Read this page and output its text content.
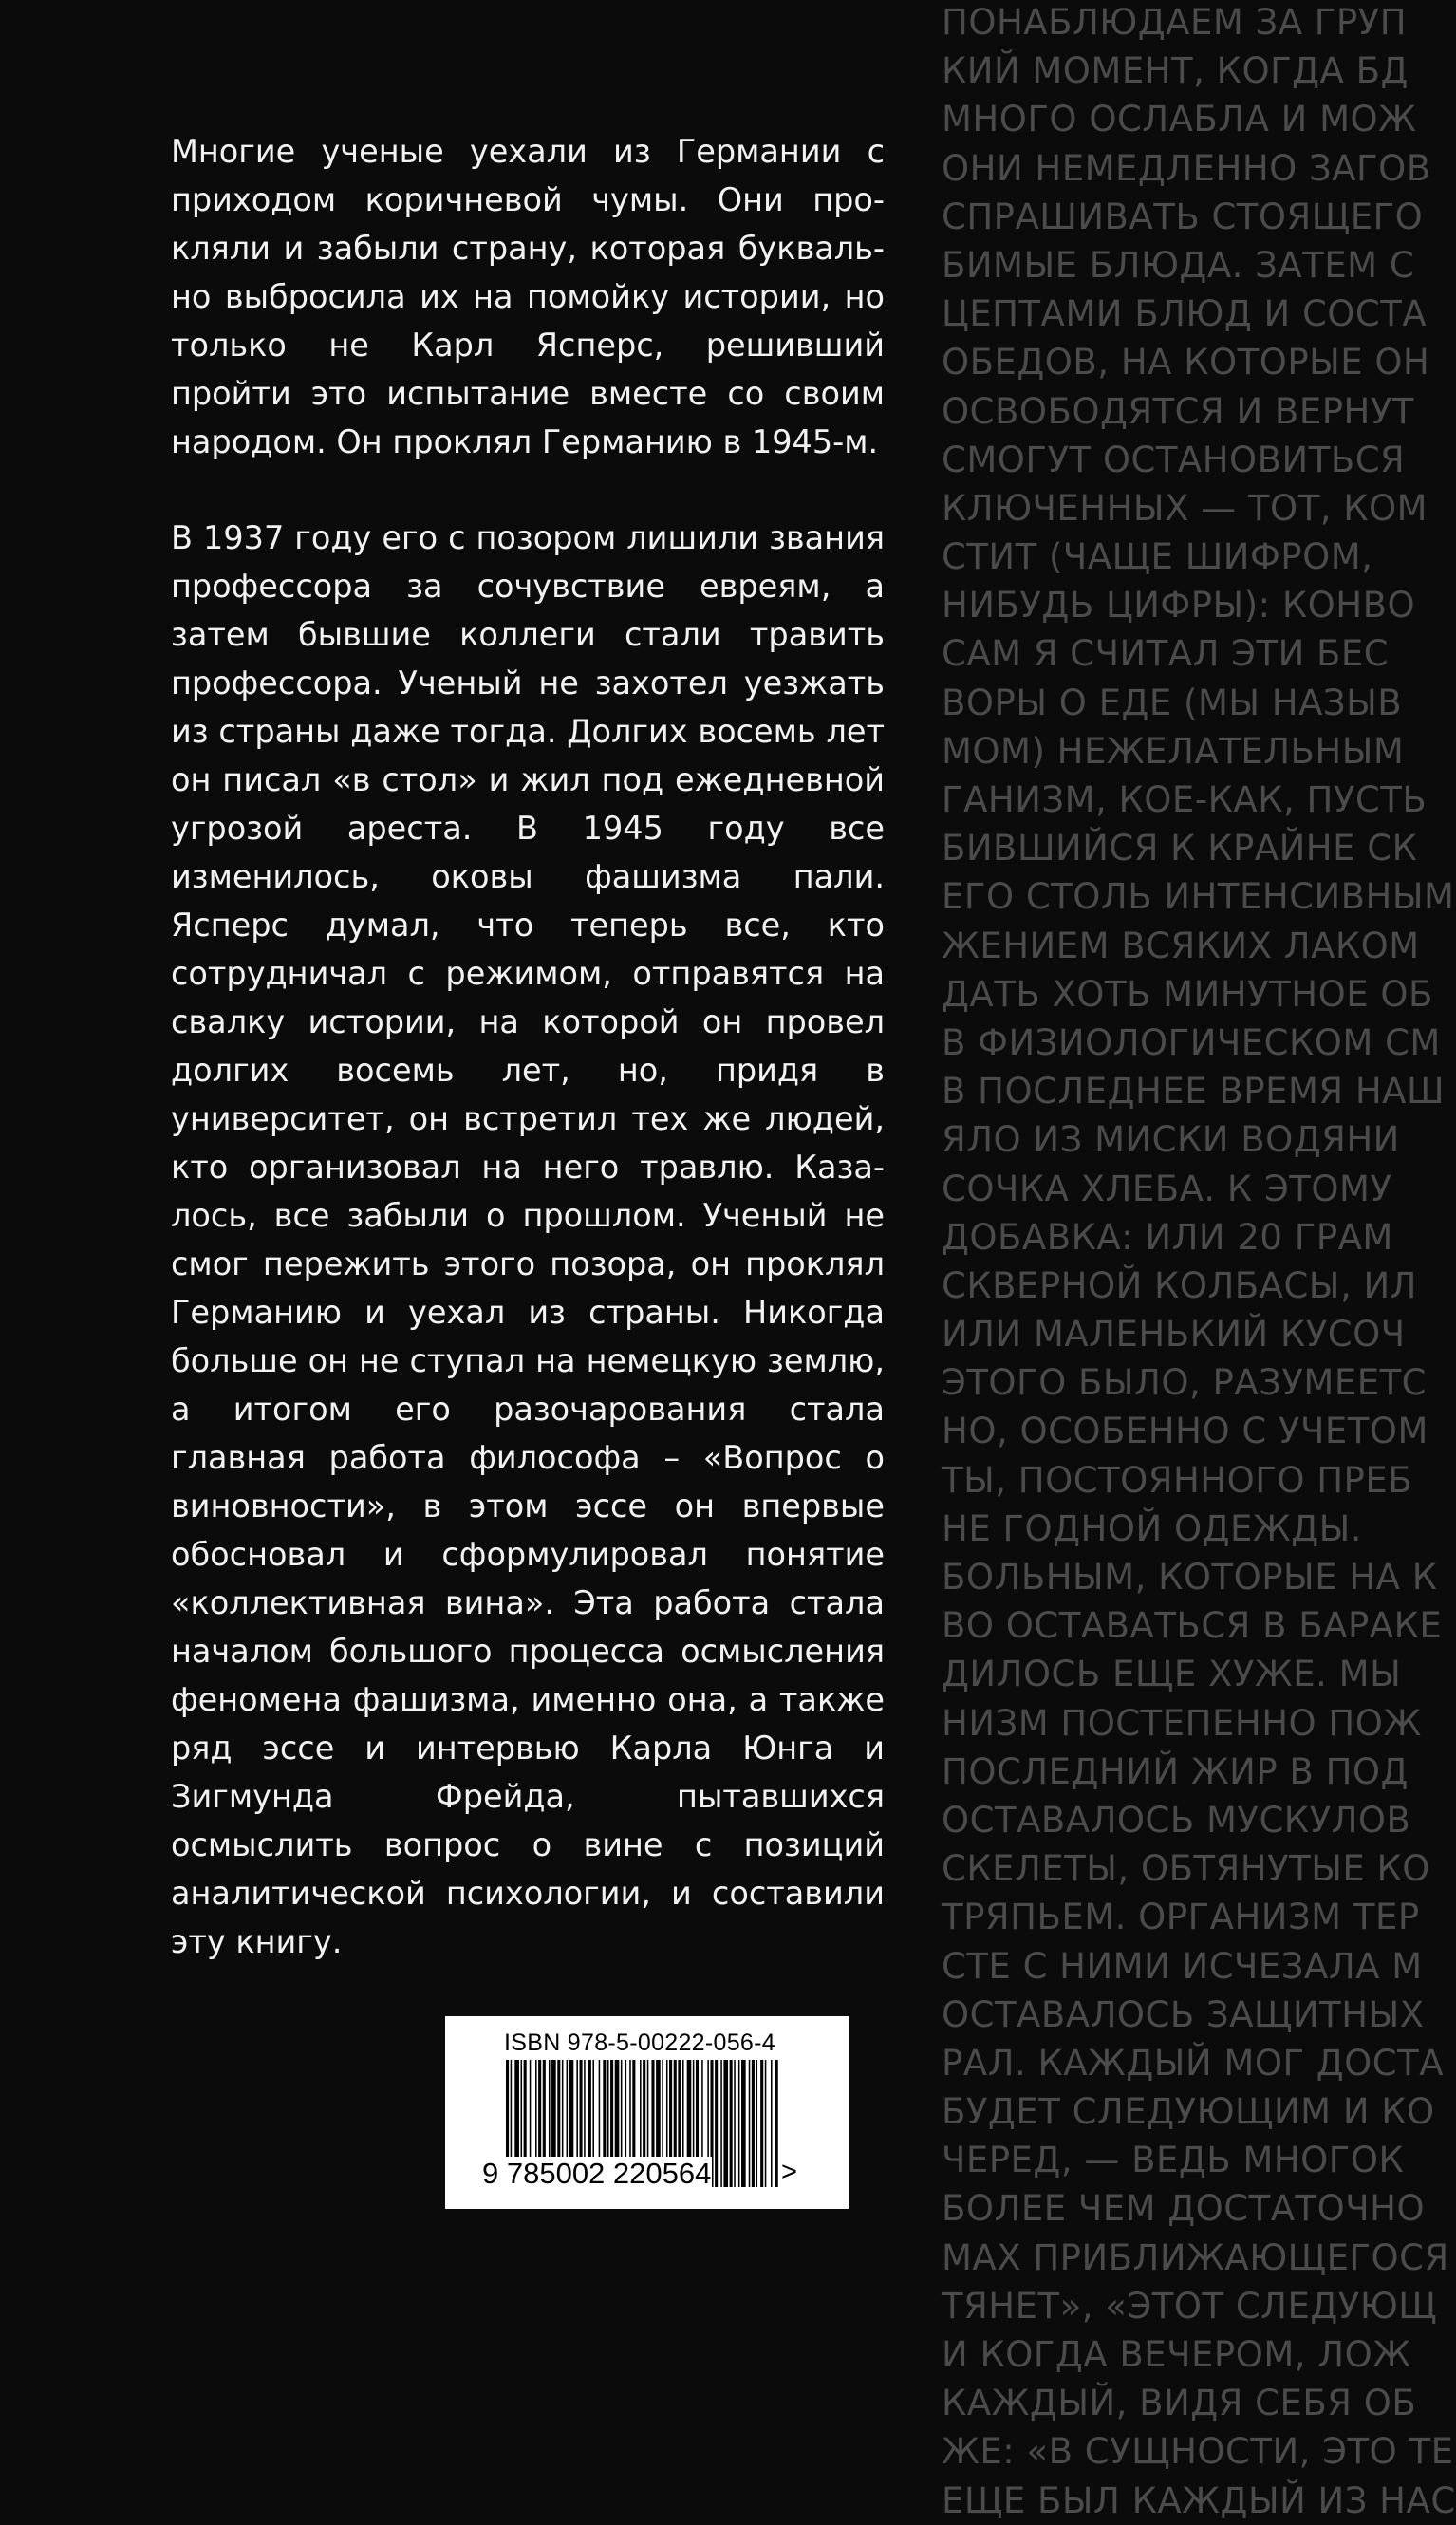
ПОНАБЛЮДАЕМ ЗА ГРУП
КИЙ МОМЕНТ, КОГДА БД
МНОГО ОСЛАБЛА И МОЖ
ОНИ НЕМЕДЛЕННО ЗАГОВ
СПРАШИВАТЬ СТОЯЩЕГО
БИМЫЕ БЛЮДА. ЗАТЕМ С
ЦЕПТАМИ БЛЮД И СОСТА
ОБЕДОВ, НА КОТОРЫЕ ОН
ОСВОБОДЯТСЯ И ВЕРНУТ
СМОГУТ ОСТАНОВИТЬСЯ
КЛЮЧЕННЫХ — ТОТ, КОМ
СТИТ (ЧАЩЕ ШИФРОМ,
НИБУДЬ ЦИФРЫ): КОНВО
САМ Я СЧИТАЛ ЭТИ БЕС
ВОРЫ О ЕДЕ (МЫ НАЗЫВ
МОМ) НЕЖЕЛАТЕЛЬНЫМ
ГАНИЗМ, КОЕ-КАК, ПУСТЬ
БИВШИЙСЯ К КРАЙНЕ СК
ЕГО СТОЛЬ ИНТЕНСИВНЫМ
ЖЕНИЕМ ВСЯКИХ ЛАКОМ
ДАТЬ ХОТЬ МИНУТНОЕ ОБ
В ФИЗИОЛОГИЧЕСКОМ СМ
В ПОСЛЕДНЕЕ ВРЕМЯ НАШ
ЯЛО ИЗ МИСКИ ВОДЯНИ
СОЧКА ХЛЕБА. К ЭТОМУ
ДОБАВКА: ИЛИ 20 ГРАМ
СКВЕРНОЙ КОЛБАСЫ, ИЛ
ИЛИ МАЛЕНЬКИЙ КУСОЧ
ЭТОГО БЫЛО, РАЗУМЕЕТС
НО, ОСОБЕННО С УЧЕТОМ
ТЫ, ПОСТОЯННОГО ПРЕБ
НЕ ГОДНОЙ ОДЕЖДЫ.
БОЛЬНЫМ, КОТОРЫЕ НА К
ВО ОСТАВАТЬСЯ В БАРАКЕ
ДИЛОСЬ ЕЩЕ ХУЖЕ. МЫ
НИЗМ ПОСТЕПЕННО ПОЖ
ПОСЛЕДНИЙ ЖИР В ПОД
ОСТАВАЛОСЬ МУСКУЛОВ
СКЕЛЕТЫ, ОБТЯНУТЫЕ КО
ТРЯПЬЕМ. ОРГАНИЗМ ТЕР
СТЕ С НИМИ ИСЧЕЗАЛА М
ОСТАВАЛОСЬ ЗАЩИТНЫХ
РАЛ. КАЖДЫЙ МОГ ДОСТА
БУДЕТ СЛЕДУЮЩИМ И КО
ЧЕРЕД, — ВЕДЬ МНОГОК
БОЛЕЕ ЧЕМ ДОСТАТОЧНО
МАХ ПРИБЛИЖАЮЩЕГОСЯ
ТЯНЕТ», «ЭТОТ СЛЕДУЮЩ
И КОГДА ВЕЧЕРОМ, ЛОЖ
КАЖДЫЙ, ВИДЯ СЕБЯ ОБ
ЖЕ: «В СУЩНОСТИ, ЭТО ТЕ
ЕЩЕ БЫЛ КАЖДЫЙ ИЗ НАС

Многие ученые уехали из Германии с приходом коричневой чумы. Они прокляли и забыли страну, которая буквально выбросила их на помойку истории, но только не Карл Ясперс, решивший пройти это испытание вместе со своим народом. Он проклял Германию в 1945-м.

В 1937 году его с позором лишили звания профессора за сочувствие евреям, а затем бывшие коллеги стали травить профессора. Ученый не захотел уезжать из страны даже тогда. Долгих восемь лет он писал «в стол» и жил под ежедневной угрозой ареста. В 1945 году все изменилось, оковы фашизма пали. Ясперс думал, что теперь все, кто сотрудничал с режимом, отправятся на свалку истории, на которой он провел долгих восемь лет, но, придя в университет, он встретил тех же людей, кто организовал на него травлю. Казалось, все забыли о прошлом. Ученый не смог пережить этого позора, он проклял Германию и уехал из страны. Никогда больше он не ступал на немецкую землю, а итогом его разочарования стала главная работа философа – «Вопрос о виновности», в этом эссе он впервые обосновал и сформулировал понятие «коллективная вина». Эта работа стала началом большого процесса осмысления феномена фашизма, именно она, а также ряд эссе и интервью Карла Юнга и Зигмунда Фрейда, пытавшихся осмыслить вопрос о вине с позиций аналитической психологии, и составили эту книгу.

ISBN 978-5-00222-056-4
9 785002 220564	>
